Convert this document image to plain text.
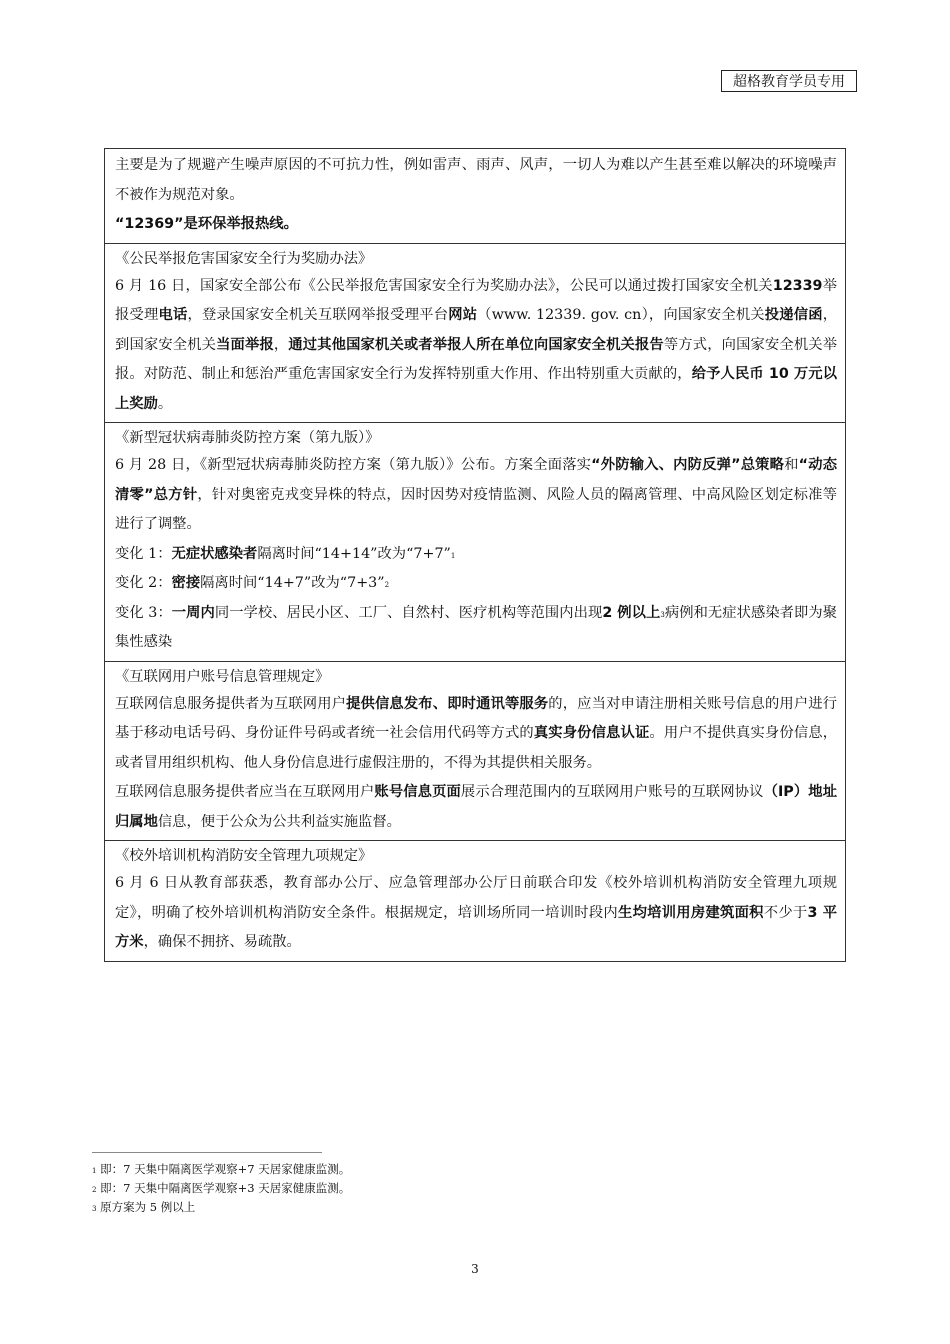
超格教育学员专用

主要是为了规避产生噪声原因的不可抗力性，例如雷声、雨声、风声，一切人为难以产生甚至难以解决的环境噪声不被作为规范对象。

“12369”是环保举报热线。

《公民举报危害国家安全行为奖励办法》

6 月 16 日，国家安全部公布《公民举报危害国家安全行为奖励办法》，公民可以通过拨打国家安全机关12339举报受理电话，登录国家安全机关互联网举报受理平台网站（www. 12339. gov. cn），向国家安全机关投递信函，到国家安全机关当面举报，通过其他国家机关或者举报人所在单位向国家安全机关报告等方式，向国家安全机关举报。对防范、制止和惩治严重危害国家安全行为发挥特别重大作用、作出特别重大贡献的，给予人民币 10 万元以上奖励。

《新型冠状病毒肺炎防控方案（第九版）》

6 月 28 日，《新型冠状病毒肺炎防控方案（第九版）》公布。方案全面落实“外防输入、内防反弹”总策略和“动态清零”总方针，针对奥密克戎变异株的特点，因时因势对疫情监测、风险人员的隔离管理、中高风险区划定标准等进行了调整。

变化 1：无症状感染者隔离时间“14+14”改为“7+7”$^1$

变化 2：密接隔离时间“14+7”改为“7+3”$^2$

变化 3：一周内同一学校、居民小区、工厂、自然村、医疗机构等范围内出现2 例以上$^3$病例和无症状感染者即为聚集性感染

《互联网用户账号信息管理规定》

互联网信息服务提供者为互联网用户提供信息发布、即时通讯等服务的，应当对申请注册相关账号信息的用户进行基于移动电话号码、身份证件号码或者统一社会信用代码等方式的真实身份信息认证。用户不提供真实身份信息，或者冒用组织机构、他人身份信息进行虚假注册的，不得为其提供相关服务。

互联网信息服务提供者应当在互联网用户账号信息页面展示合理范围内的互联网用户账号的互联网协议（IP）地址归属地信息，便于公众为公共利益实施监督。

《校外培训机构消防安全管理九项规定》

6 月 6 日从教育部获悉，教育部办公厅、应急管理部办公厅日前联合印发《校外培训机构消防安全管理九项规定》，明确了校外培训机构消防安全条件。根据规定，培训场所同一培训时段内生均培训用房建筑面积不少于3 平方米，确保不拥挤、易疏散。

$^1$ 即：7 天集中隔离医学观察+7 天居家健康监测。

$^2$ 即：7 天集中隔离医学观察+3 天居家健康监测。

$^3$ 原方案为 5 例以上

3
